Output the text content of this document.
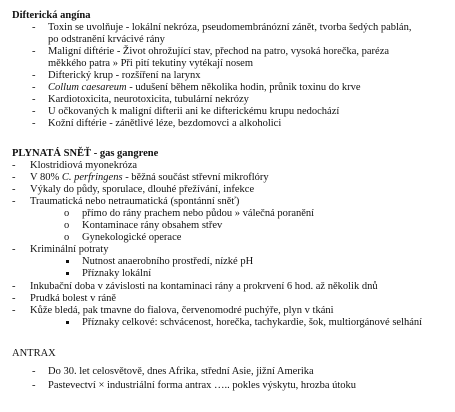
Difterická angína
- Toxin se uvolňuje - lokální nekróza, pseudomembránózní zánět, tvorba šedých pablán,
po odstranění krvácivé rány
- Maligní diftérie - Život ohrožující stav, přechod na patro, vysoká horečka, paréza
měkkého patra » Při pití tekutiny vytékají nosem
- Difterický krup - rozšíření na larynx
- Collum caesareum - udušení během několika hodin, průnik toxinu do krve
- Kardiotoxicita, neurotoxicita, tubulární nekrózy
- U očkovaných k maligní difterii ani ke difterickému krupu nedochází
- Kožní diftérie - zánětlivé léze, bezdomovci a alkoholici
PLYNATÁ SNĚŤ - gas gangrene
- Klostridiová myonekróza
- V 80% C. perfringens - běžná součást střevní mikroflóry
- Výkaly do půdy, sporulace, dlouhé přežívání, infekce
- Traumatická nebo netraumatická (spontánní sněť)
o přímo do rány prachem nebo půdou » válečná poranění
o Kontaminace rány obsahem střev
o Gynekologické operace
- Kriminální potraty
Nutnost anaerobního prostředí, nízké pH
Příznaky lokální
- Inkubační doba v závislosti na kontaminaci rány a prokrvení 6 hod. až několik dnů
- Prudká bolest v ráně
- Kůže bledá, pak tmavne do fialova, červenomodré puchýře, plyn v tkáni
Příznaky celkové: schvácenost, horečka, tachykardie, šok, multiorgánové selhání
ANTRAX
- Do 30. let celosvětově, dnes Afrika, střední Asie, jižní Amerika
- Pastevectví × industriální forma antrax ….. pokles výskytu, hrozba útoku
